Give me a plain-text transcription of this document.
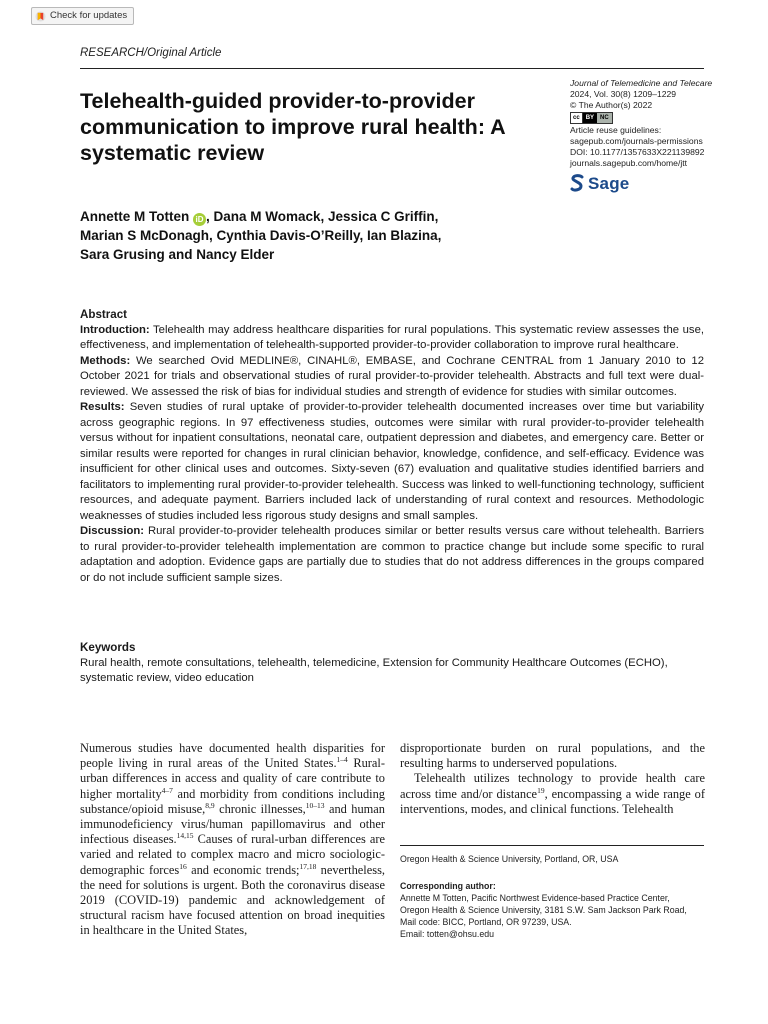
Check for updates
RESEARCH/Original Article
Journal of Telemedicine and Telecare
2024, Vol. 30(8) 1209–1229
© The Author(s) 2022
cc	BY	NC
Article reuse guidelines:
sagepub.com/journals-permissions
DOI: 10.1177/1357633X221139892
journals.sagepub.com/home/jtt
Sage
Telehealth-guided provider-to-provider communication to improve rural health: A systematic review
Annette M Totten iD , Dana M Womack, Jessica C Griffin,
Marian S McDonagh, Cynthia Davis-O’Reilly, Ian Blazina,
Sara Grusing and Nancy Elder
Abstract

Introduction: Telehealth may address healthcare disparities for rural populations. This systematic review assesses the use, effectiveness, and implementation of telehealth-supported provider-to-provider collaboration to improve rural healthcare.

Methods: We searched Ovid MEDLINE®, CINAHL®, EMBASE, and Cochrane CENTRAL from 1 January 2010 to 12 October 2021 for trials and observational studies of rural provider-to-provider telehealth. Abstracts and full text were dual-reviewed. We assessed the risk of bias for individual studies and strength of evidence for studies with similar outcomes.

Results: Seven studies of rural uptake of provider-to-provider telehealth documented increases over time but variability across geographic regions. In 97 effectiveness studies, outcomes were similar with rural provider-to-provider telehealth versus without for inpatient consultations, neonatal care, outpatient depression and diabetes, and emergency care. Better or similar results were reported for changes in rural clinician behavior, knowledge, confidence, and self-efficacy. Evidence was insufficient for other clinical uses and outcomes. Sixty-seven (67) evaluation and qualitative studies identified barriers and facilitators to implementing rural provider-to-provider telehealth. Success was linked to well-functioning technology, sufficient resources, and adequate payment. Barriers included lack of understanding of rural context and resources. Methodologic weaknesses of studies included less rigorous study designs and small samples.

Discussion: Rural provider-to-provider telehealth produces similar or better results versus care without telehealth. Barriers to rural provider-to-provider telehealth implementation are common to practice change but include some specific to rural adaptation and adoption. Evidence gaps are partially due to studies that do not address differences in the groups compared or do not include sufficient sample sizes.

Keywords

Rural health, remote consultations, telehealth, telemedicine, Extension for Community Healthcare Outcomes (ECHO), systematic review, video education

Numerous studies have documented health disparities for people living in rural areas of the United States.$^{1-4}$ Rural-urban differences in access and quality of care contribute to higher mortality$^{4-7}$ and morbidity from conditions including substance/opioid misuse,$^{8,9}$ chronic illnesses,$^{10-13}$ and human immunodeficiency virus/human papillomavirus and other infectious diseases.$^{14,15}$ Causes of rural-urban differences are varied and related to complex macro and micro sociologic-demographic forces$^{16}$ and economic trends;$^{17,18}$ nevertheless, the need for solutions is urgent. Both the coronavirus disease 2019 (COVID-19) pandemic and acknowledgement of structural racism have focused attention on broad inequities in healthcare in the United States,

disproportionate burden on rural populations, and the resulting harms to underserved populations.

Telehealth utilizes technology to provide health care across time and/or distance$^{19}$, encompassing a wide range of interventions, modes, and clinical functions. Telehealth

Oregon Health & Science University, Portland, OR, USA
Corresponding author:
Annette M Totten, Pacific Northwest Evidence-based Practice Center,
Oregon Health & Science University, 3181 S.W. Sam Jackson Park Road,
Mail code: BICC, Portland, OR 97239, USA.
Email: totten@ohsu.edu
